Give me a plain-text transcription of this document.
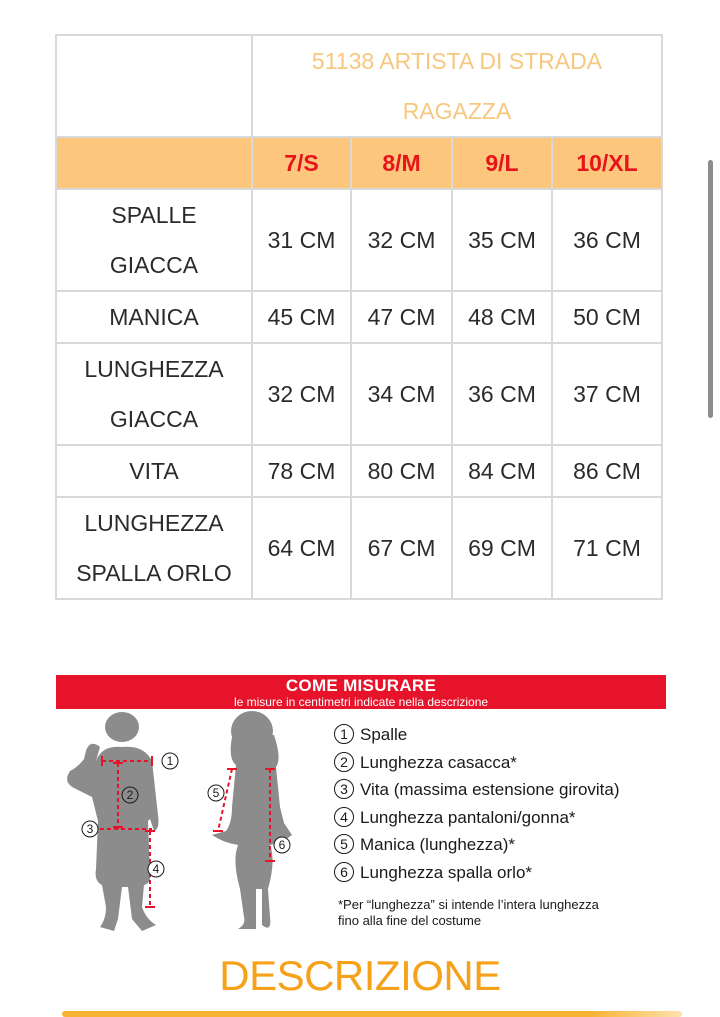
	51138 ARTISTA DI STRADA
RAGAZZA			
	7/S	8/M	9/L	10/XL
SPALLE
GIACCA	31 CM	32 CM	35 CM	36 CM
MANICA	45 CM	47 CM	48 CM	50 CM
LUNGHEZZA
GIACCA	32 CM	34 CM	36 CM	37 CM
VITA	78 CM	80 CM	84 CM	86 CM
LUNGHEZZA
SPALLA ORLO	64 CM	67 CM	69 CM	71 CM
COME MISURARE
le misure in centimetri indicate nella descrizione
1
2
3
4
5
6
1 Spalle
2 Lunghezza casacca*
3 Vita (massima estensione girovita)
4 Lunghezza pantaloni/gonna*
5 Manica (lunghezza)*
6 Lunghezza spalla orlo*
*Per “lunghezza” si intende l’intera lunghezza
fino alla fine del costume
DESCRIZIONE
